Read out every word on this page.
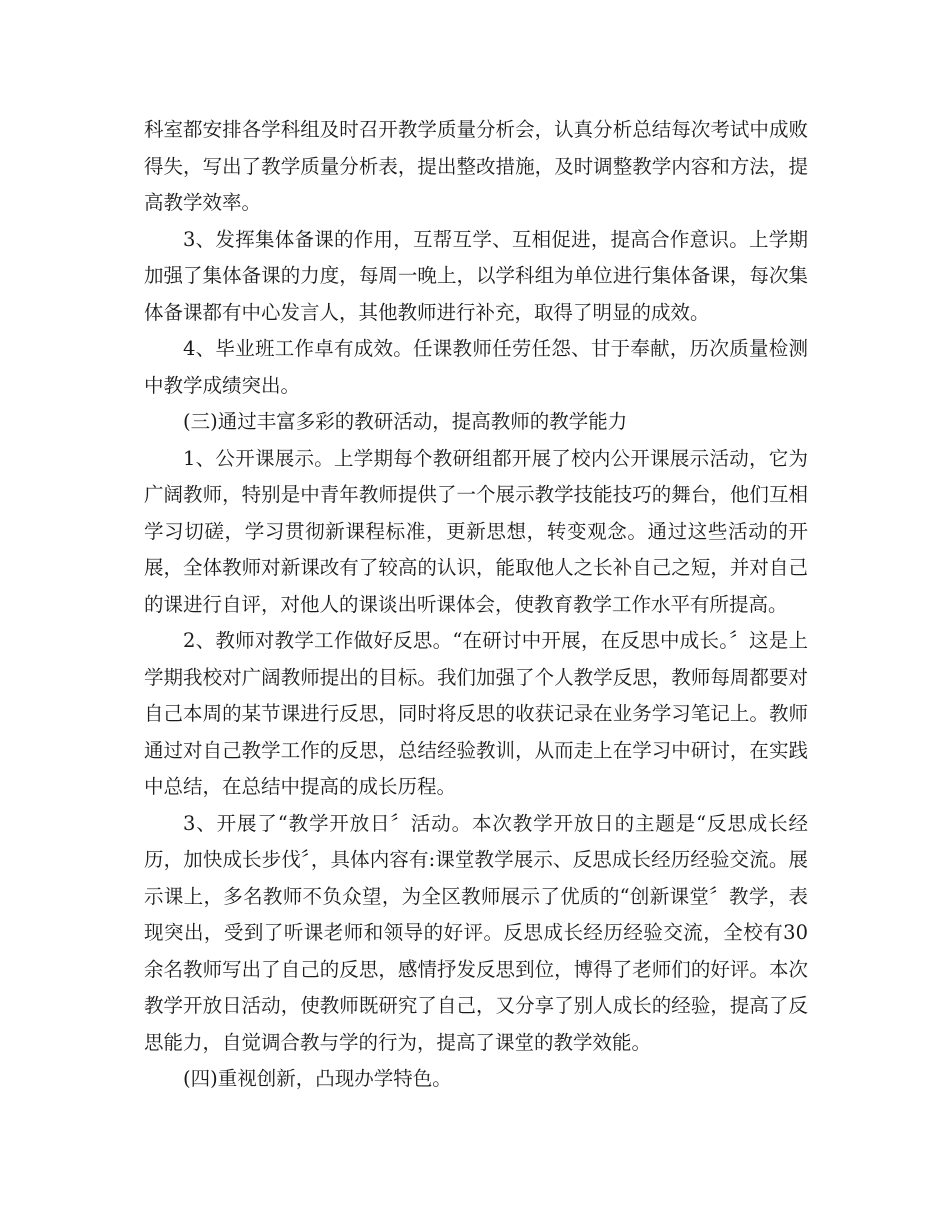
科室都安排各学科组及时召开教学质量分析会，认真分析总结每次考试中成败得失，写出了教学质量分析表，提出整改措施，及时调整教学内容和方法，提高教学效率。

3、发挥集体备课的作用，互帮互学、互相促进，提高合作意识。上学期加强了集体备课的力度，每周一晚上，以学科组为单位进行集体备课，每次集体备课都有中心发言人，其他教师进行补充，取得了明显的成效。

4、毕业班工作卓有成效。任课教师任劳任怨、甘于奉献，历次质量检测中教学成绩突出。

(三)通过丰富多彩的教研活动，提高教师的教学能力

1、公开课展示。上学期每个教研组都开展了校内公开课展示活动，它为广阔教师，特别是中青年教师提供了一个展示教学技能技巧的舞台，他们互相学习切磋，学习贯彻新课程标准，更新思想，转变观念。通过这些活动的开展，全体教师对新课改有了较高的认识，能取他人之长补自己之短，并对自己的课进行自评，对他人的课谈出听课体会，使教育教学工作水平有所提高。

2、教师对教学工作做好反思。“在研讨中开展，在反思中成长。〞这是上学期我校对广阔教师提出的目标。我们加强了个人教学反思，教师每周都要对自己本周的某节课进行反思，同时将反思的收获记录在业务学习笔记上。教师通过对自己教学工作的反思，总结经验教训，从而走上在学习中研讨，在实践中总结，在总结中提高的成长历程。

3、开展了“教学开放日〞活动。本次教学开放日的主题是“反思成长经历，加快成长步伐〞，具体内容有:课堂教学展示、反思成长经历经验交流。展示课上，多名教师不负众望，为全区教师展示了优质的“创新课堂〞教学，表现突出，受到了听课老师和领导的好评。反思成长经历经验交流，全校有30余名教师写出了自己的反思，感情抒发反思到位，博得了老师们的好评。本次教学开放日活动，使教师既研究了自己，又分享了别人成长的经验，提高了反思能力，自觉调合教与学的行为，提高了课堂的教学效能。

(四)重视创新，凸现办学特色。
